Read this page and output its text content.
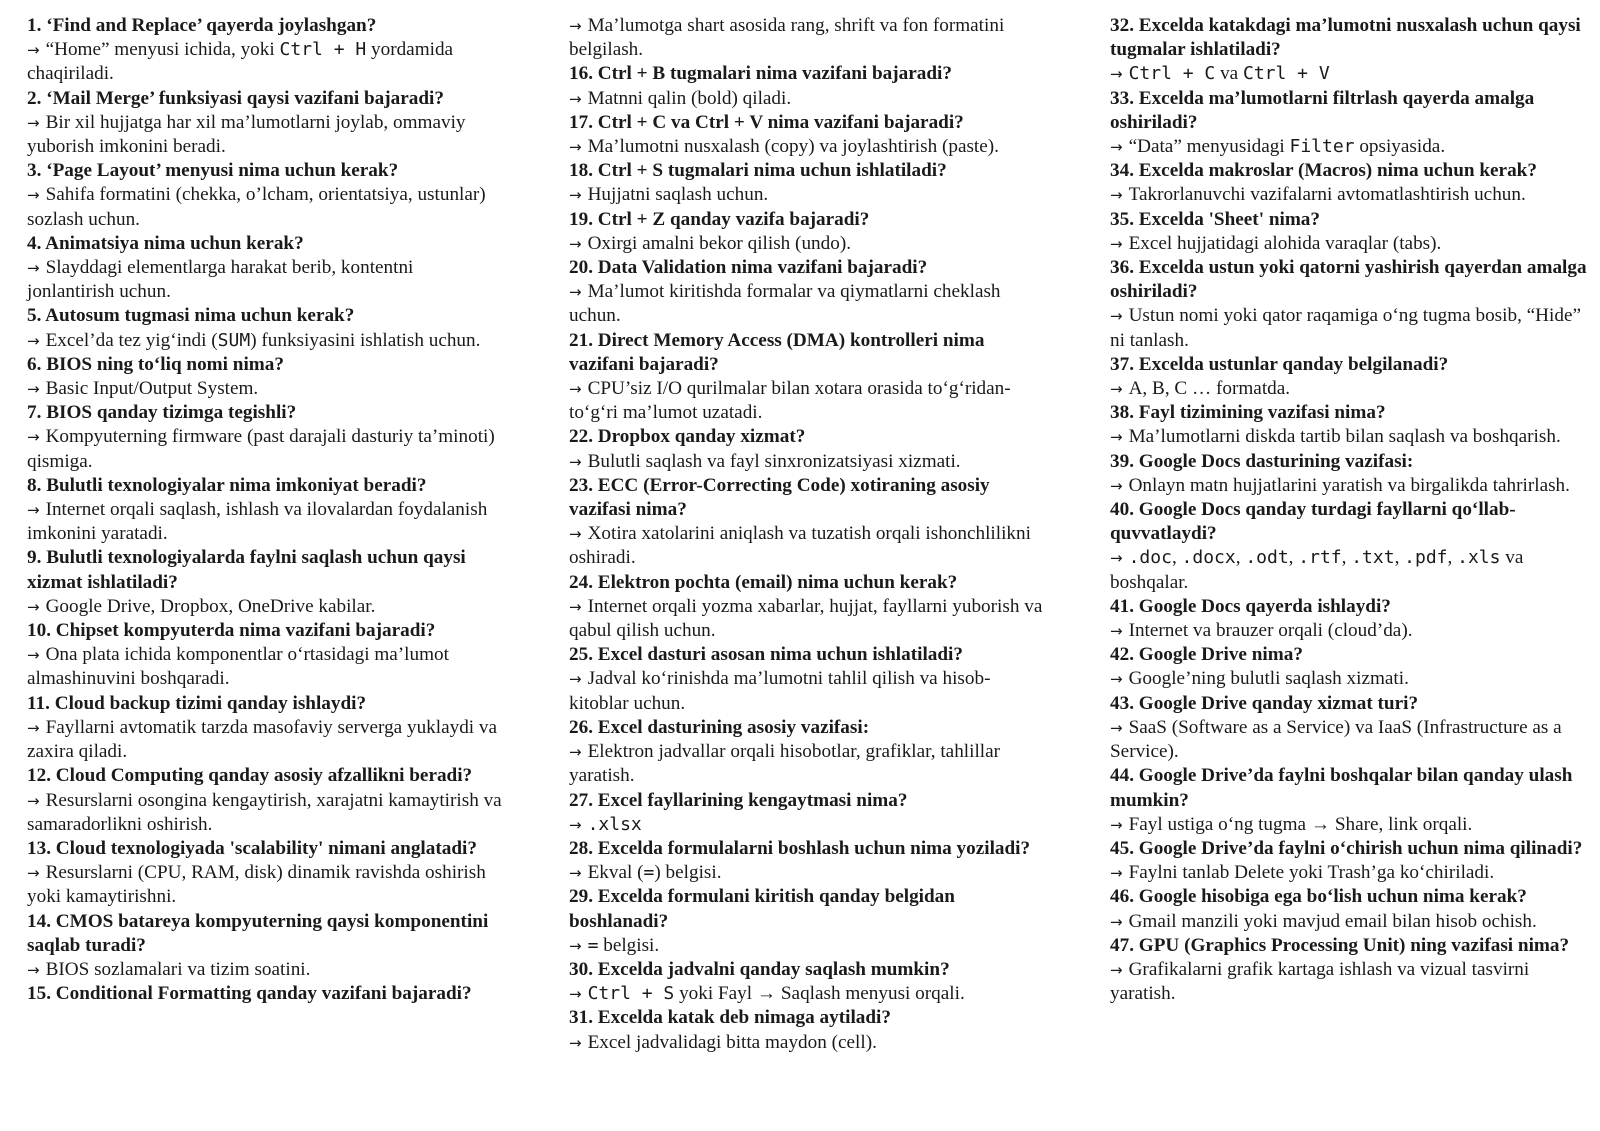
1. ‘Find and Replace’ qayerda joylashgan?
→ “Home” menyusi ichida, yoki Ctrl + H yordamida chaqiriladi.
2. ‘Mail Merge’ funksiyasi qaysi vazifani bajaradi?
→ Bir xil hujjatga har xil ma’lumotlarni joylab, ommaviy yuborish imkonini beradi.
3. ‘Page Layout’ menyusi nima uchun kerak?
→ Sahifa formatini (chekka, o’lcham, orientatsiya, ustunlar) sozlash uchun.
4. Animatsiya nima uchun kerak?
→ Slayddagi elementlarga harakat berib, kontentni jonlantirish uchun.
5. Autosum tugmasi nima uchun kerak?
→ Excel’da tez yig‘indi (SUM) funksiyasini ishlatish uchun.
6. BIOS ning to‘liq nomi nima?
→ Basic Input/Output System.
7. BIOS qanday tizimga tegishli?
→ Kompyuterning firmware (past darajali dasturiy ta’minoti) qismiga.
8. Bulutli texnologiyalar nima imkoniyat beradi?
→ Internet orqali saqlash, ishlash va ilovalardan foydalanish imkonini yaratadi.
9. Bulutli texnologiyalarda faylni saqlash uchun qaysi xizmat ishlatiladi?
→ Google Drive, Dropbox, OneDrive kabilar.
10. Chipset kompyuterda nima vazifani bajaradi?
→ Ona plata ichida komponentlar o‘rtasidagi ma’lumot almashinuvini boshqaradi.
11. Cloud backup tizimi qanday ishlaydi?
→ Fayllarni avtomatik tarzda masofaviy serverga yuklaydi va zaxira qiladi.
12. Cloud Computing qanday asosiy afzallikni beradi?
→ Resurslarni osongina kengaytirish, xarajatni kamaytirish va samaradorlikni oshirish.
13. Cloud texnologiyada 'scalability' nimani anglatadi?
→ Resurslarni (CPU, RAM, disk) dinamik ravishda oshirish yoki kamaytirishni.
14. CMOS batareya kompyuterning qaysi komponentini saqlab turadi?
→ BIOS sozlamalari va tizim soatini.
15. Conditional Formatting qanday vazifani bajaradi?
→ Ma’lumotga shart asosida rang, shrift va fon formatini belgilash.
16. Ctrl + B tugmalari nima vazifani bajaradi?
→ Matnni qalin (bold) qiladi.
17. Ctrl + C va Ctrl + V nima vazifani bajaradi?
→ Ma’lumotni nusxalash (copy) va joylashtirish (paste).
18. Ctrl + S tugmalari nima uchun ishlatiladi?
→ Hujjatni saqlash uchun.
19. Ctrl + Z qanday vazifa bajaradi?
→ Oxirgi amalni bekor qilish (undo).
20. Data Validation nima vazifani bajaradi?
→ Ma’lumot kiritishda formalar va qiymatlarni cheklash uchun.
21. Direct Memory Access (DMA) kontrolleri nima vazifani bajaradi?
→ CPU’siz I/O qurilmalar bilan xotara orasida to‘g‘ridan-to‘g‘ri ma’lumot uzatadi.
22. Dropbox qanday xizmat?
→ Bulutli saqlash va fayl sinxronizatsiyasi xizmati.
23. ECC (Error-Correcting Code) xotiraning asosiy vazifasi nima?
→ Xotira xatolarini aniqlash va tuzatish orqali ishonchlilikni oshiradi.
24. Elektron pochta (email) nima uchun kerak?
→ Internet orqali yozma xabarlar, hujjat, fayllarni yuborish va qabul qilish uchun.
25. Excel dasturi asosan nima uchun ishlatiladi?
→ Jadval ko‘rinishda ma’lumotni tahlil qilish va hisob-kitoblar uchun.
26. Excel dasturining asosiy vazifasi:
→ Elektron jadvallar orqali hisobotlar, grafiklar, tahlillar yaratish.
27. Excel fayllarining kengaytmasi nima?
→ .xlsx
28. Excelda formulalarni boshlash uchun nima yoziladi?
→ Ekval (=) belgisi.
29. Excelda formulani kiritish qanday belgidan boshlanadi?
→ = belgisi.
30. Excelda jadvalni qanday saqlash mumkin?
→ Ctrl + S yoki Fayl → Saqlash menyusi orqali.
31. Excelda katak deb nimaga aytiladi?
→ Excel jadvalidagi bitta maydon (cell).
32. Excelda katakdagi ma’lumotni nusxalash uchun qaysi tugmalar ishlatiladi?
→ Ctrl + C va Ctrl + V
33. Excelda ma’lumotlarni filtrlash qayerda amalga oshiriladi?
→ “Data” menyusidagi Filter opsiyasida.
34. Excelda makroslar (Macros) nima uchun kerak?
→ Takrorlanuvchi vazifalarni avtomatlashtirish uchun.
35. Excelda 'Sheet' nima?
→ Excel hujjatidagi alohida varaqlar (tabs).
36. Excelda ustun yoki qatorni yashirish qayerdan amalga oshiriladi?
→ Ustun nomi yoki qator raqamiga o‘ng tugma bosib, “Hide” ni tanlash.
37. Excelda ustunlar qanday belgilanadi?
→ A, B, C … formatda.
38. Fayl tizimining vazifasi nima?
→ Ma’lumotlarni diskda tartib bilan saqlash va boshqarish.
39. Google Docs dasturining vazifasi:
→ Onlayn matn hujjatlarini yaratish va birgalikda tahrirlash.
40. Google Docs qanday turdagi fayllarni qo‘llab-quvvatlaydi?
→ .doc, .docx, .odt, .rtf, .txt, .pdf, .xls va boshqalar.
41. Google Docs qayerda ishlaydi?
→ Internet va brauzer orqali (cloud’da).
42. Google Drive nima?
→ Google’ning bulutli saqlash xizmati.
43. Google Drive qanday xizmat turi?
→ SaaS (Software as a Service) va IaaS (Infrastructure as a Service).
44. Google Drive’da faylni boshqalar bilan qanday ulash mumkin?
→ Fayl ustiga o‘ng tugma → Share, link orqali.
45. Google Drive’da faylni o‘chirish uchun nima qilinadi?
→ Faylni tanlab Delete yoki Trash’ga ko‘chiriladi.
46. Google hisobiga ega bo‘lish uchun nima kerak?
→ Gmail manzili yoki mavjud email bilan hisob ochish.
47. GPU (Graphics Processing Unit) ning vazifasi nima?
→ Grafikalarni grafik kartaga ishlash va vizual tasvirni yaratish.
